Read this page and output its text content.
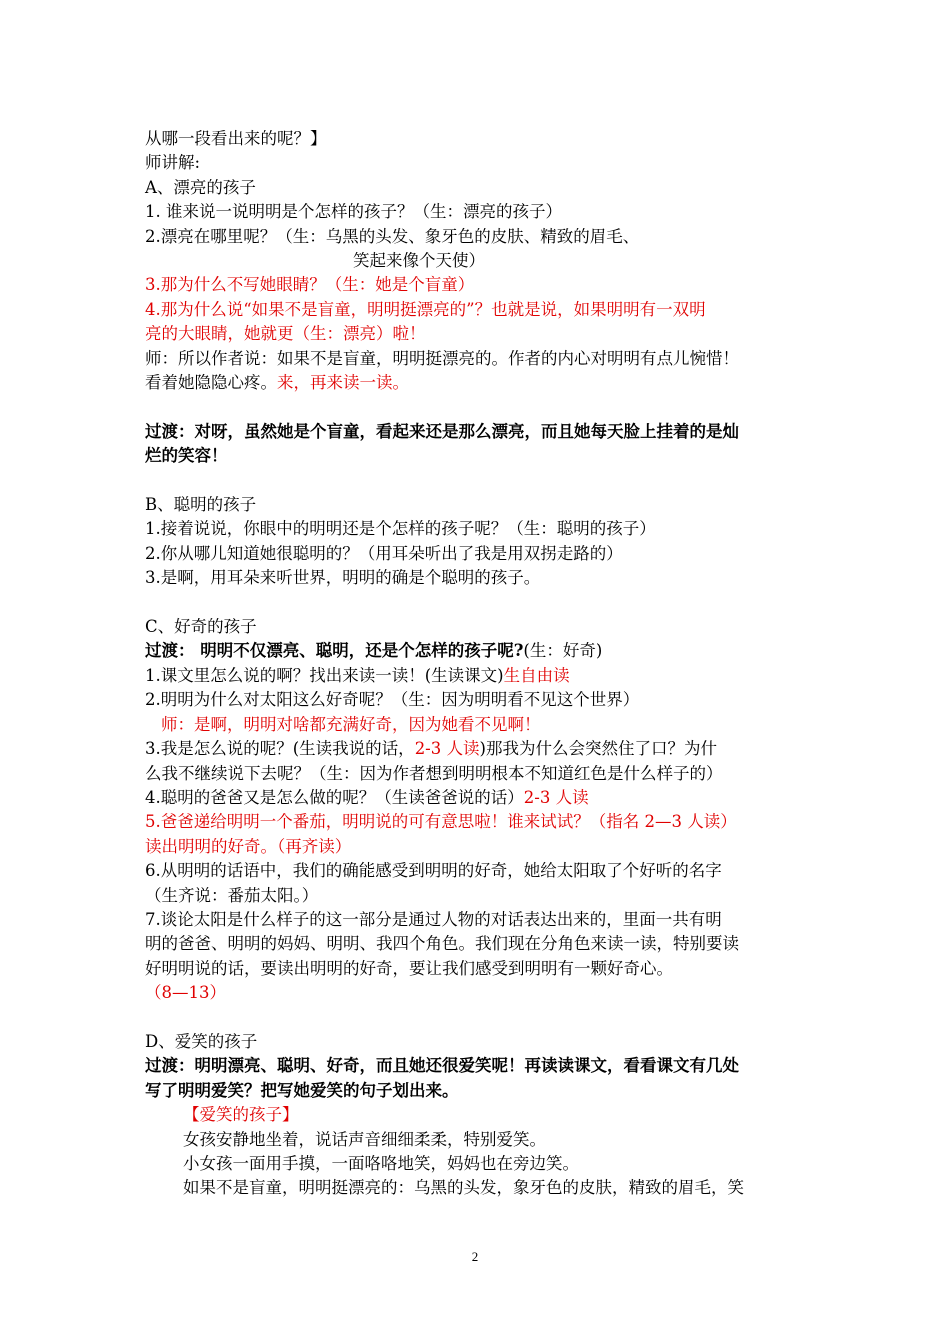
从哪一段看出来的呢？】
师讲解:
A、漂亮的孩子
1. 谁来说一说明明是个怎样的孩子？（生：漂亮的孩子）
2.漂亮在哪里呢？（生：乌黑的头发、象牙色的皮肤、精致的眉毛、
笑起来像个天使）
3.那为什么不写她眼睛？（生：她是个盲童）
4.那为什么说“如果不是盲童，明明挺漂亮的”？也就是说，如果明明有一双明
亮的大眼睛，她就更（生：漂亮）啦！
师：所以作者说：如果不是盲童，明明挺漂亮的。作者的内心对明明有点儿惋惜！
看着她隐隐心疼。来，再来读一读。
过渡：对呀，虽然她是个盲童，看起来还是那么漂亮，而且她每天脸上挂着的是灿
烂的笑容！
B、聪明的孩子
1.接着说说，你眼中的明明还是个怎样的孩子呢？（生：聪明的孩子）
2.你从哪儿知道她很聪明的？（用耳朵听出了我是用双拐走路的）
3.是啊，用耳朵来听世界，明明的确是个聪明的孩子。
C、好奇的孩子
过渡： 明明不仅漂亮、聪明，还是个怎样的孩子呢?(生：好奇)
1.课文里怎么说的啊？找出来读一读！(生读课文)生自由读
2.明明为什么对太阳这么好奇呢？（生：因为明明看不见这个世界）
师：是啊，明明对啥都充满好奇，因为她看不见啊！
3.我是怎么说的呢？(生读我说的话，2-3 人读)那我为什么会突然住了口？为什
么我不继续说下去呢？（生：因为作者想到明明根本不知道红色是什么样子的）
4.聪明的爸爸又是怎么做的呢？（生读爸爸说的话）2-3 人读
5.爸爸递给明明一个番茄，明明说的可有意思啦！谁来试试？（指名 2—3 人读）
读出明明的好奇。（再齐读）
6.从明明的话语中，我们的确能感受到明明的好奇，她给太阳取了个好听的名字
（生齐说：番茄太阳。）
7.谈论太阳是什么样子的这一部分是通过人物的对话表达出来的，里面一共有明
明的爸爸、明明的妈妈、明明、我四个角色。我们现在分角色来读一读，特别要读
好明明说的话，要读出明明的好奇，要让我们感受到明明有一颗好奇心。
（8—13）
D、爱笑的孩子
过渡：明明漂亮、聪明、好奇，而且她还很爱笑呢！再读读课文，看看课文有几处
写了明明爱笑？把写她爱笑的句子划出来。
【爱笑的孩子】
女孩安静地坐着，说话声音细细柔柔，特别爱笑。
小女孩一面用手摸，一面咯咯地笑，妈妈也在旁边笑。
如果不是盲童，明明挺漂亮的：乌黑的头发，象牙色的皮肤，精致的眉毛，笑
2
